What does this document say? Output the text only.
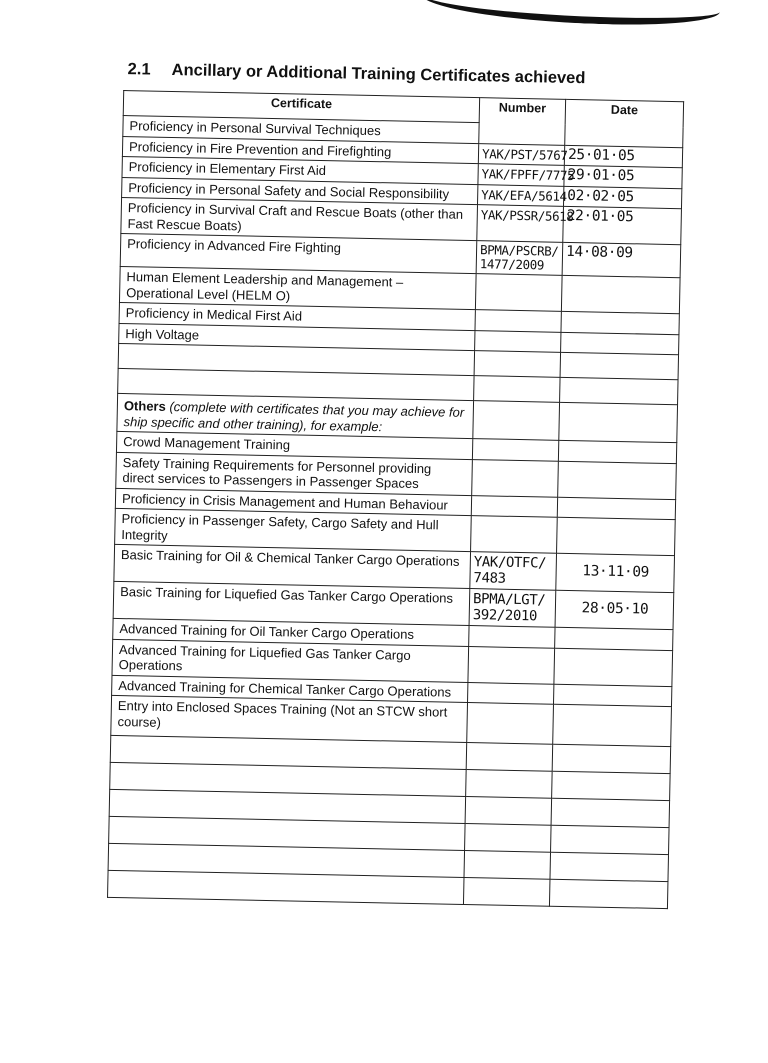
2.1 Ancillary or Additional Training Certificates achieved
Certificate	Number	Date
Proficiency in Personal Survival Techniques		
Proficiency in Fire Prevention and Firefighting	YAK/PST/5767	25·01·05
Proficiency in Elementary First Aid	YAK/FPFF/7775	29·01·05
Proficiency in Personal Safety and Social Responsibility	YAK/EFA/5614	02·02·05
Proficiency in Survival Craft and Rescue Boats (other than Fast Rescue Boats)	YAK/PSSR/5618	22·01·05
Proficiency in Advanced Fire Fighting	BPMA/PSCRB/1477/2009	14·08·09
Human Element Leadership and Management – Operational Level (HELM O)		
Proficiency in Medical First Aid		
High Voltage		

Others (complete with certificates that you may achieve for ship specific and other training), for example:		
Crowd Management Training		
Safety Training Requirements for Personnel providing direct services to Passengers in Passenger Spaces		
Proficiency in Crisis Management and Human Behaviour		
Proficiency in Passenger Safety, Cargo Safety and Hull Integrity		
Basic Training for Oil & Chemical Tanker Cargo Operations	YAK/OTFC/7483	13·11·09
Basic Training for Liquefied Gas Tanker Cargo Operations	BPMA/LGT/392/2010	28·05·10
Advanced Training for Oil Tanker Cargo Operations		
Advanced Training for Liquefied Gas Tanker Cargo Operations		
Advanced Training for Chemical Tanker Cargo Operations		
Entry into Enclosed Spaces Training (Not an STCW short course)		
